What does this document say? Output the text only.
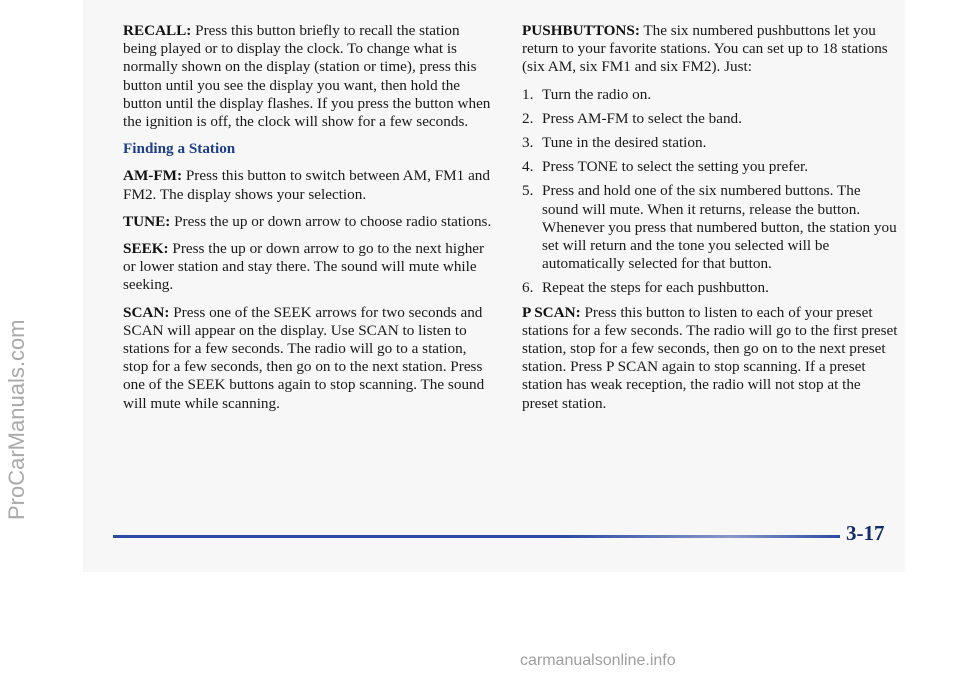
RECALL: Press this button briefly to recall the station being played or to display the clock. To change what is normally shown on the display (station or time), press this button until you see the display you want, then hold the button until the display flashes. If you press the button when the ignition is off, the clock will show for a few seconds.

Finding a Station

AM-FM: Press this button to switch between AM, FM1 and FM2. The display shows your selection.

TUNE: Press the up or down arrow to choose radio stations.

SEEK: Press the up or down arrow to go to the next higher or lower station and stay there. The sound will mute while seeking.

SCAN: Press one of the SEEK arrows for two seconds and SCAN will appear on the display. Use SCAN to listen to stations for a few seconds. The radio will go to a station, stop for a few seconds, then go on to the next station. Press one of the SEEK buttons again to stop scanning. The sound will mute while scanning.

PUSHBUTTONS: The six numbered pushbuttons let you return to your favorite stations. You can set up to 18 stations (six AM, six FM1 and six FM2). Just:

1. Turn the radio on.
2. Press AM-FM to select the band.
3. Tune in the desired station.
4. Press TONE to select the setting you prefer.
5. Press and hold one of the six numbered buttons. The sound will mute. When it returns, release the button. Whenever you press that numbered button, the station you set will return and the tone you selected will be automatically selected for that button.
6. Repeat the steps for each pushbutton.

P SCAN: Press this button to listen to each of your preset stations for a few seconds. The radio will go to the first preset station, stop for a few seconds, then go on to the next preset station. Press P SCAN again to stop scanning. If a preset station has weak reception, the radio will not stop at the preset station.

3-17
ProCarManuals.com
carmanualsonline.info
